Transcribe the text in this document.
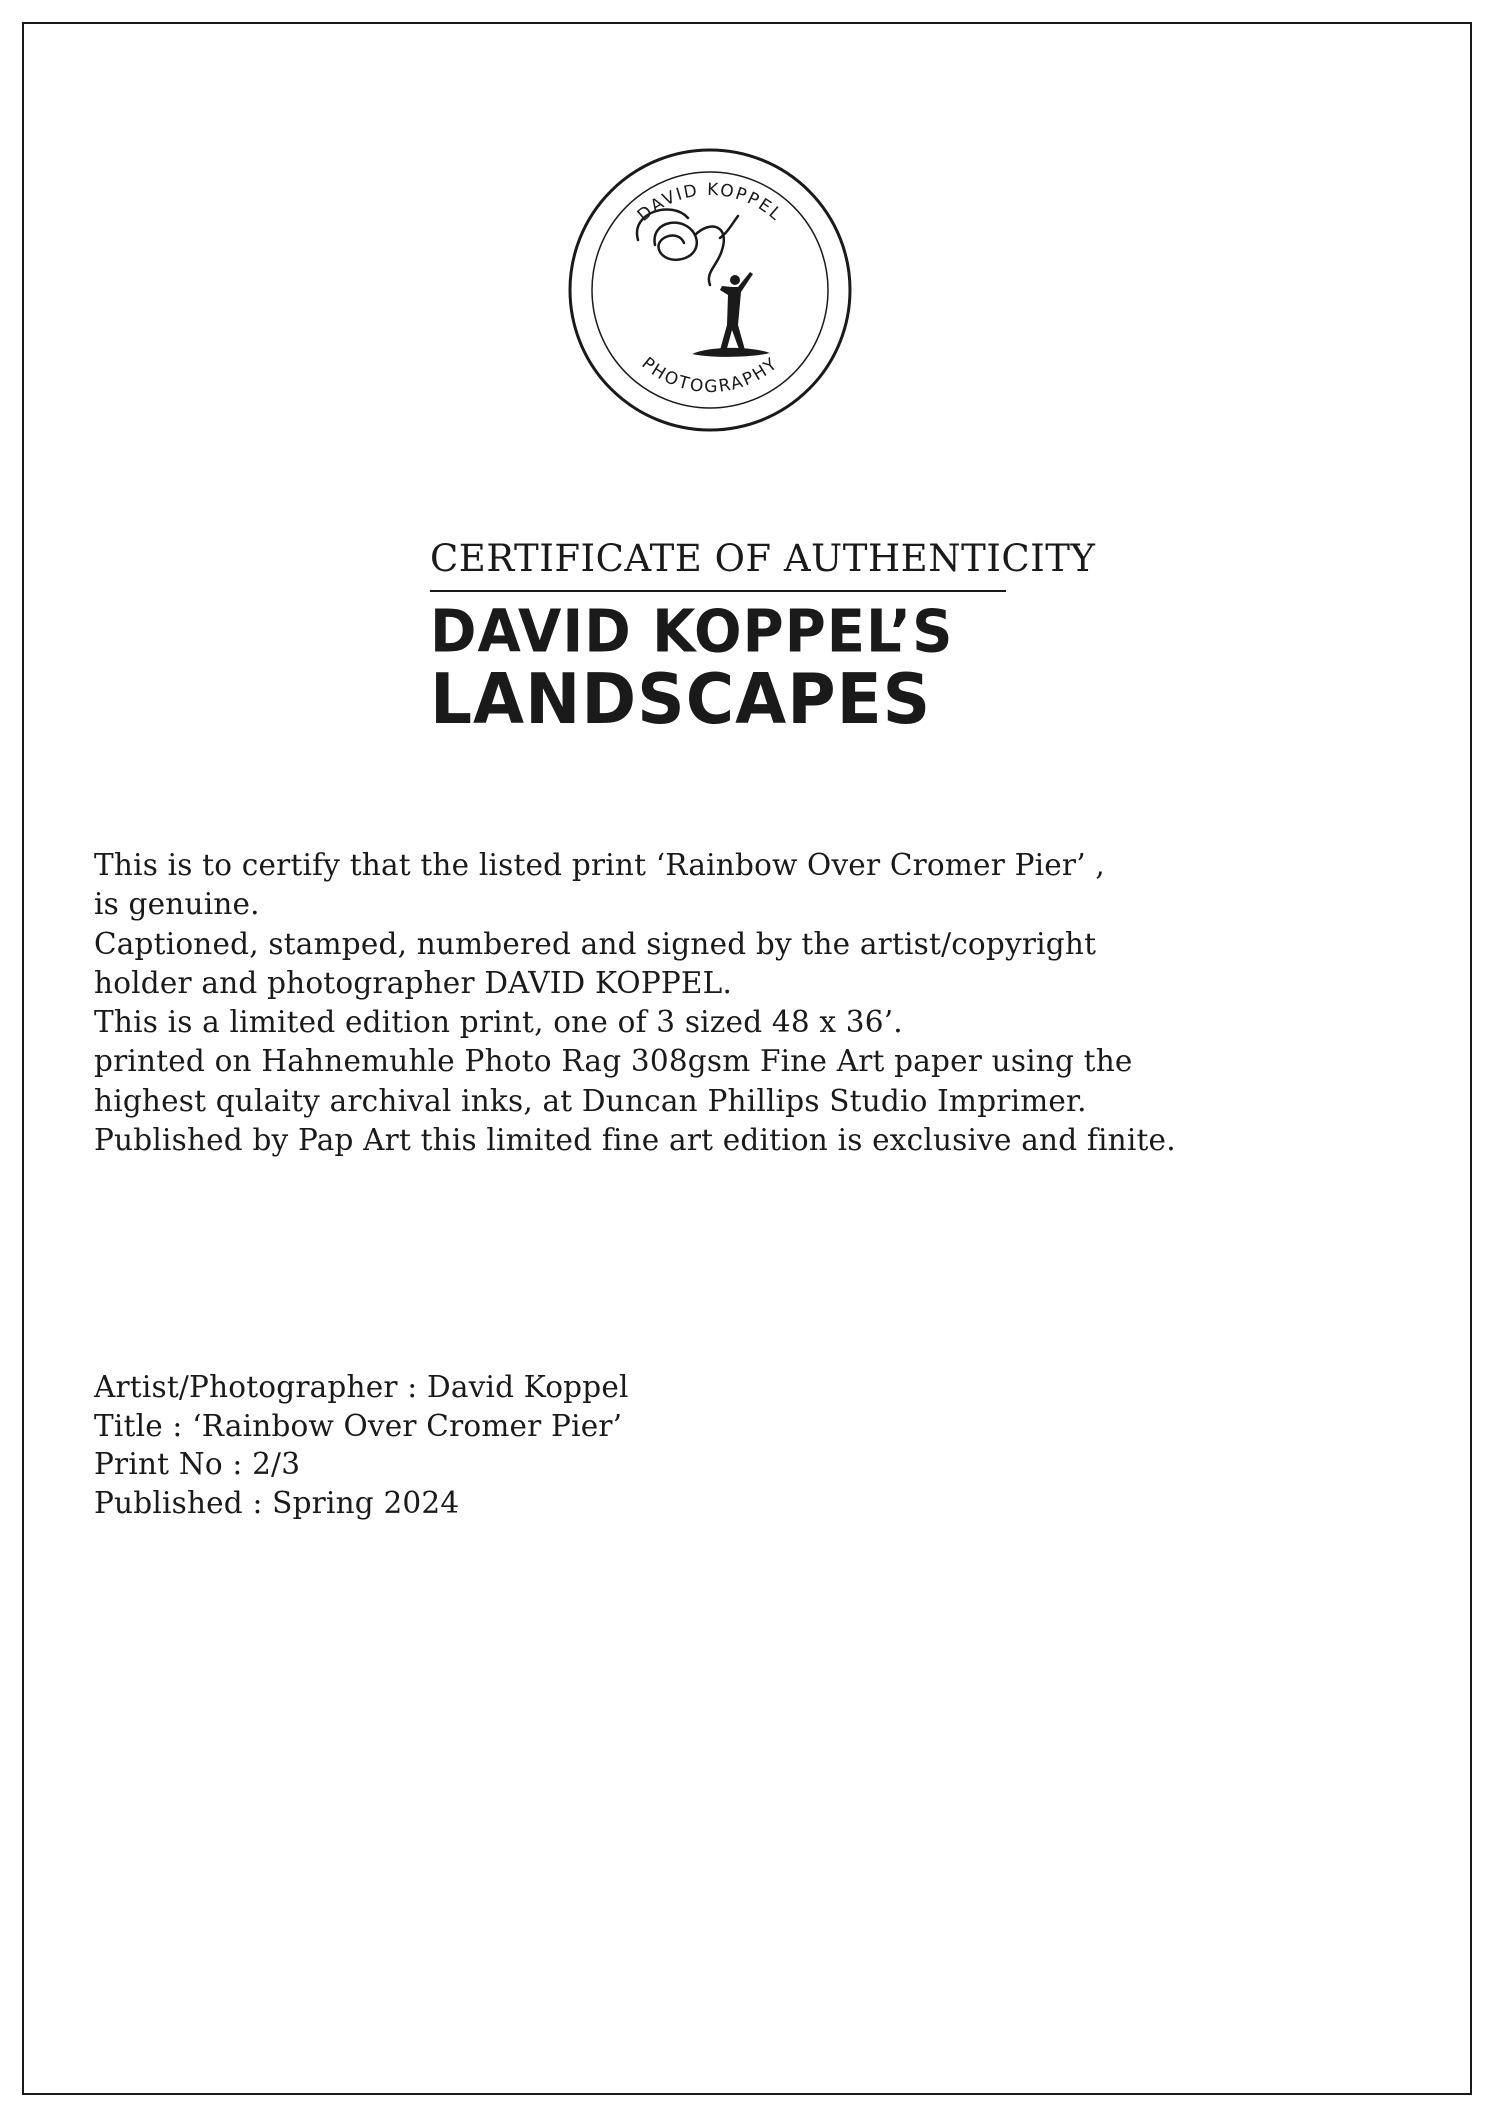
DAVID KOPPEL
PHOTOGRAPHY
CERTIFICATE OF AUTHENTICITY
DAVID KOPPEL’S
LANDSCAPES
This is to certify that the listed print ‘Rainbow Over Cromer Pier’ ,
is genuine.
Captioned, stamped, numbered and signed by the artist/copyright
holder and photographer DAVID KOPPEL.
This is a limited edition print, one of 3 sized 48 x 36’.
printed on Hahnemuhle Photo Rag 308gsm Fine Art paper using the
highest qulaity archival inks, at Duncan Phillips Studio Imprimer.
Published by Pap Art this limited fine art edition is exclusive and finite.
Artist/Photographer : David Koppel
Title : ‘Rainbow Over Cromer Pier’
Print No : 2/3
Published : Spring 2024
